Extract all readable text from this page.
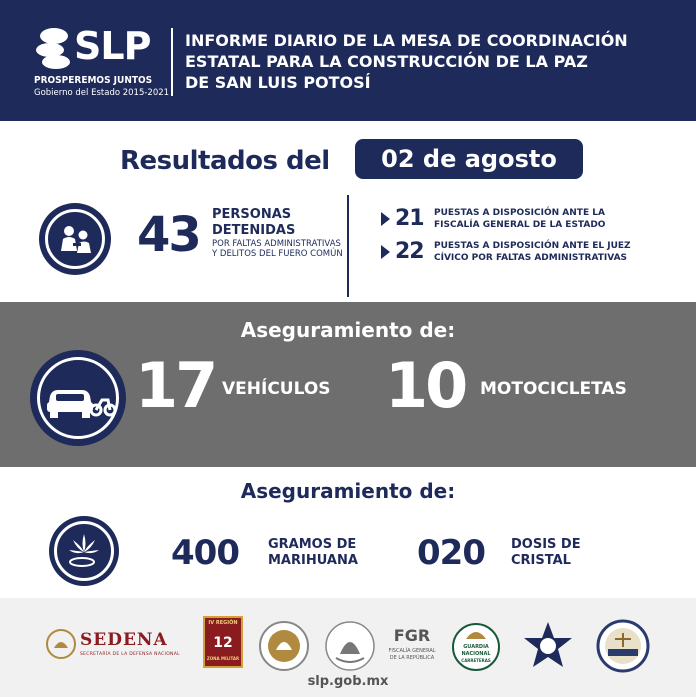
SLP
PROSPEREMOS JUNTOS
Gobierno del Estado 2015-2021
INFORME DIARIO DE LA MESA DE COORDINACIÓN
ESTATAL PARA LA CONSTRUCCIÓN DE LA PAZ
DE SAN LUIS POTOSÍ
Resultados del	02 de agosto
43 PERSONAS
DETENIDAS
POR FALTAS ADMINISTRATIVAS
Y DELITOS DEL FUERO COMÚN
21 PUESTAS A DISPOSICIÓN ANTE LA
FISCALÍA GENERAL DE LA ESTADO
22 PUESTAS A DISPOSICIÓN ANTE EL JUEZ
CÍVICO POR FALTAS ADMINISTRATIVAS
Aseguramiento de:
17 VEHÍCULOS 10 MOTOCICLETAS
Aseguramiento de:
400 GRAMOS DE
MARIHUANA 020 DOSIS DE
CRISTAL
SEDENA
SECRETARÍA DE LA DEFENSA NACIONAL
IV REGIÓN
12
ZONA MILITAR
FGR
FISCALÍA GENERAL
DE LA REPÚBLICA
GUARDIA
NACIONAL
CARRETERAS
slp.gob.mx
